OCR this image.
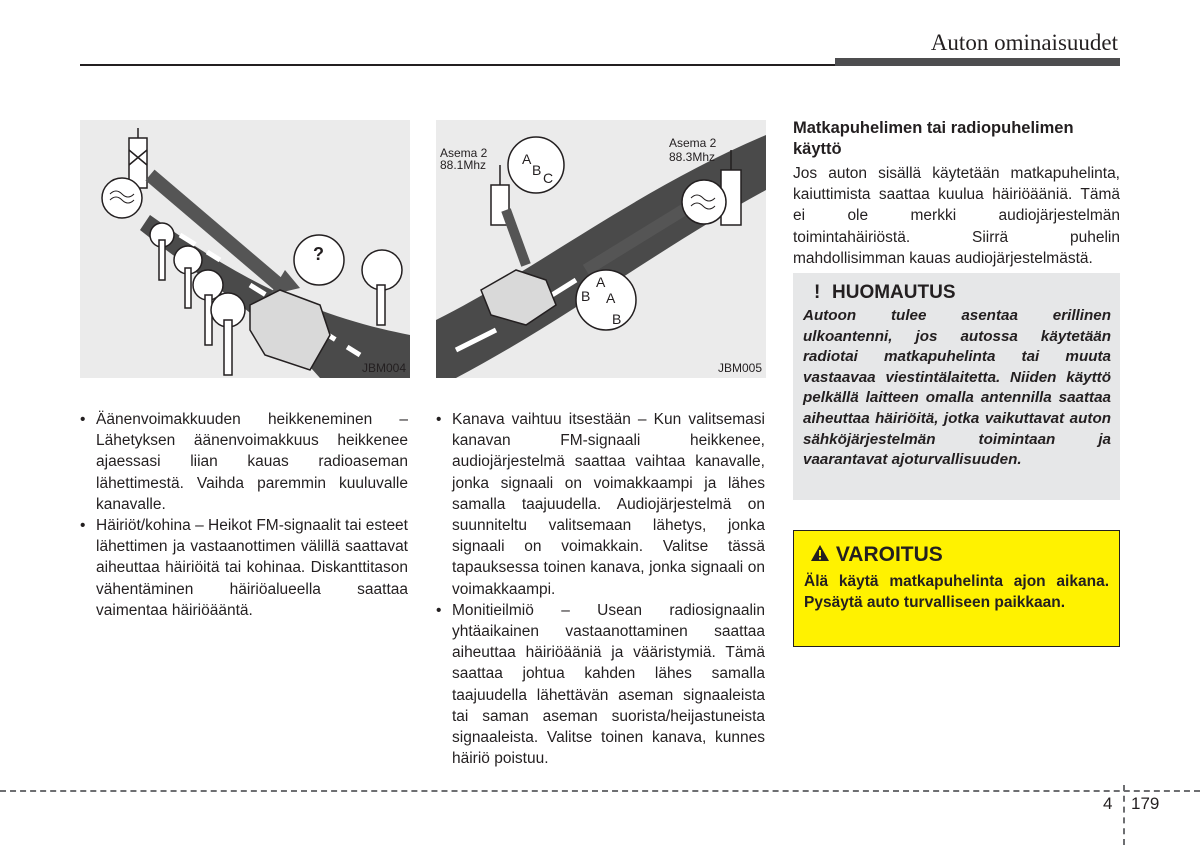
Auton ominaisuudet
?
JBM004
Asema 2
88.1Mhz
Asema 2
88.3Mhz
A
B C
A
B A
B
JBM005
• Äänenvoimakkuuden heikkeneminen – Lähetyksen äänenvoimakkuus heikkenee ajaessasi liian kauas radioaseman lähettimestä. Vaihda paremmin kuuluvalle kanavalle.
• Häiriöt/kohina – Heikot FM-signaalit tai esteet lähettimen ja vastaanottimen välillä saattavat aiheuttaa häiriöitä tai kohinaa. Diskanttitason vähentäminen häiriöalueella saattaa vaimentaa häiriöääntä.
• Kanava vaihtuu itsestään – Kun valitsemasi kanavan FM-signaali heikkenee, audiojärjestelmä saattaa vaihtaa kanavalle, jonka signaali on voimakkaampi ja lähes samalla taajuudella. Audiojärjestelmä on suunniteltu valitsemaan lähetys, jonka signaali on voimakkain. Valitse tässä tapauksessa toinen kanava, jonka signaali on voimakkaampi.
• Monitieilmiö – Usean radiosignaalin yhtäaikainen vastaanottaminen saattaa aiheuttaa häiriöääniä ja vääristymiä. Tämä saattaa johtua kahden lähes samalla taajuudella lähettävän aseman signaaleista tai saman aseman suorista/heijastuneista signaaleista. Valitse toinen kanava, kunnes häiriö poistuu.
Matkapuhelimen tai radiopuhelimen käyttö
Jos auton sisällä käytetään matkapuhelinta, kaiuttimista saattaa kuulua häiriöääniä. Tämä ei ole merkki audiojärjestelmän toimintahäiriöstä. Siirrä puhelin mahdollisimman kauas audiojärjestelmästä.
! HUOMAUTUS
Autoon tulee asentaa erillinen ulkoantenni, jos autossa käytetään radiotai matkapuhelinta tai muuta vastaavaa viestintälaitetta. Niiden käyttö pelkällä laitteen omalla antennilla saattaa aiheuttaa häiriöitä, jotka vaikuttavat auton sähköjärjestelmän toimintaan ja vaarantavat ajoturvallisuuden.
VAROITUS
Älä käytä matkapuhelinta ajon aikana. Pysäytä auto turvalliseen paikkaan.
4 179
